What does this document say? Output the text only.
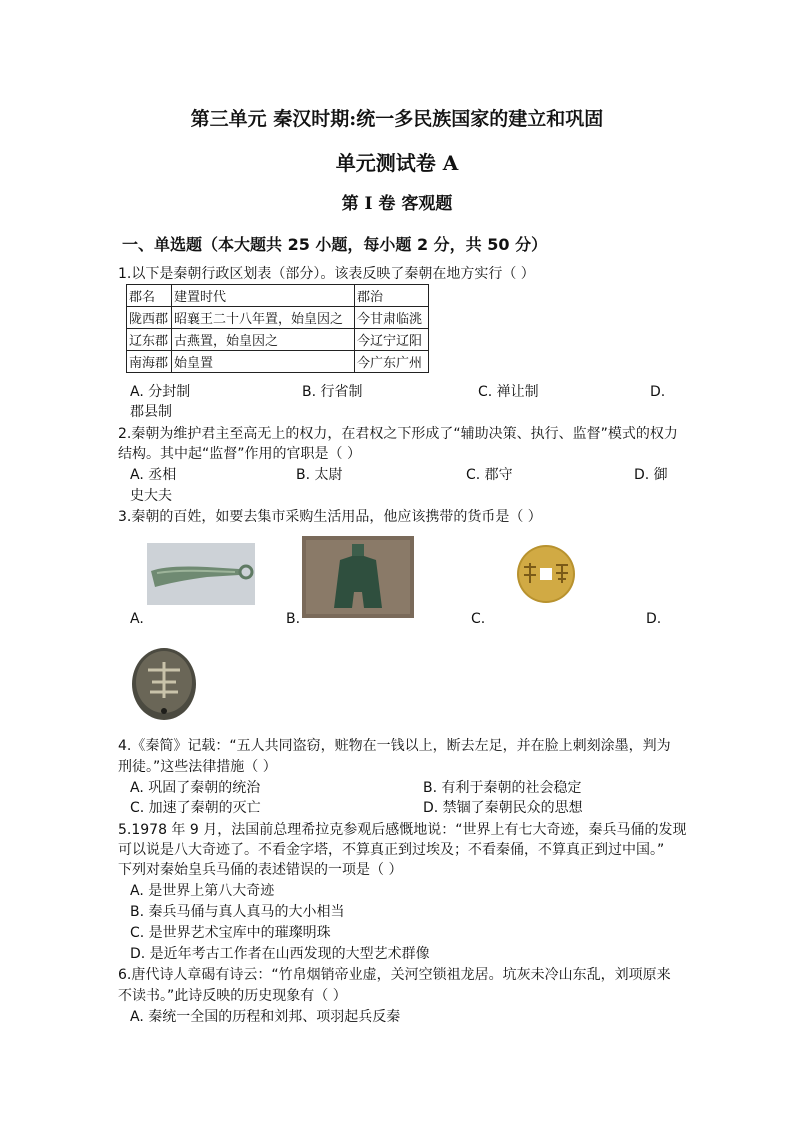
第三单元 秦汉时期:统一多民族国家的建立和巩固
单元测试卷 A
第 I 卷 客观题
一、单选题（本大题共 25 小题，每小题 2 分，共 50 分）
1.以下是秦朝行政区划表（部分）。该表反映了秦朝在地方实行（ ）
郡名	建置时代	郡治
陇西郡	昭襄王二十八年置，始皇因之	今甘肃临洮
辽东郡	古燕置，始皇因之	今辽宁辽阳
南海郡	始皇置	今广东广州
A. 分封制	B. 行省制	C. 禅让制	D.
郡县制
2.秦朝为维护君主至高无上的权力，在君权之下形成了“辅助决策、执行、监督”模式的权力
结构。其中起“监督”作用的官职是（ ）
A. 丞相	B. 太尉	C. 郡守	D. 御
史大夫
3.秦朝的百姓，如要去集市采购生活用品，他应该携带的货币是（ ）
A.	B.	C.	D.
4.《秦简》记载：“五人共同盗窃，赃物在一钱以上，断去左足，并在脸上刺刻涂墨，判为
刑徒。”这些法律措施（ ）
A. 巩固了秦朝的统治	B. 有利于秦朝的社会稳定
C. 加速了秦朝的灭亡	D. 禁锢了秦朝民众的思想
5.1978 年 9 月，法国前总理希拉克参观后感慨地说：“世界上有七大奇迹，秦兵马俑的发现
可以说是八大奇迹了。不看金字塔，不算真正到过埃及；不看秦俑，不算真正到过中国。”
下列对秦始皇兵马俑的表述错误的一项是（ ）
A. 是世界上第八大奇迹
B. 秦兵马俑与真人真马的大小相当
C. 是世界艺术宝库中的璀璨明珠
D. 是近年考古工作者在山西发现的大型艺术群像
6.唐代诗人章碣有诗云：“竹帛烟销帝业虚，关河空锁祖龙居。坑灰未冷山东乱，刘项原来
不读书。”此诗反映的历史现象有（ ）
A. 秦统一全国的历程和刘邦、项羽起兵反秦
